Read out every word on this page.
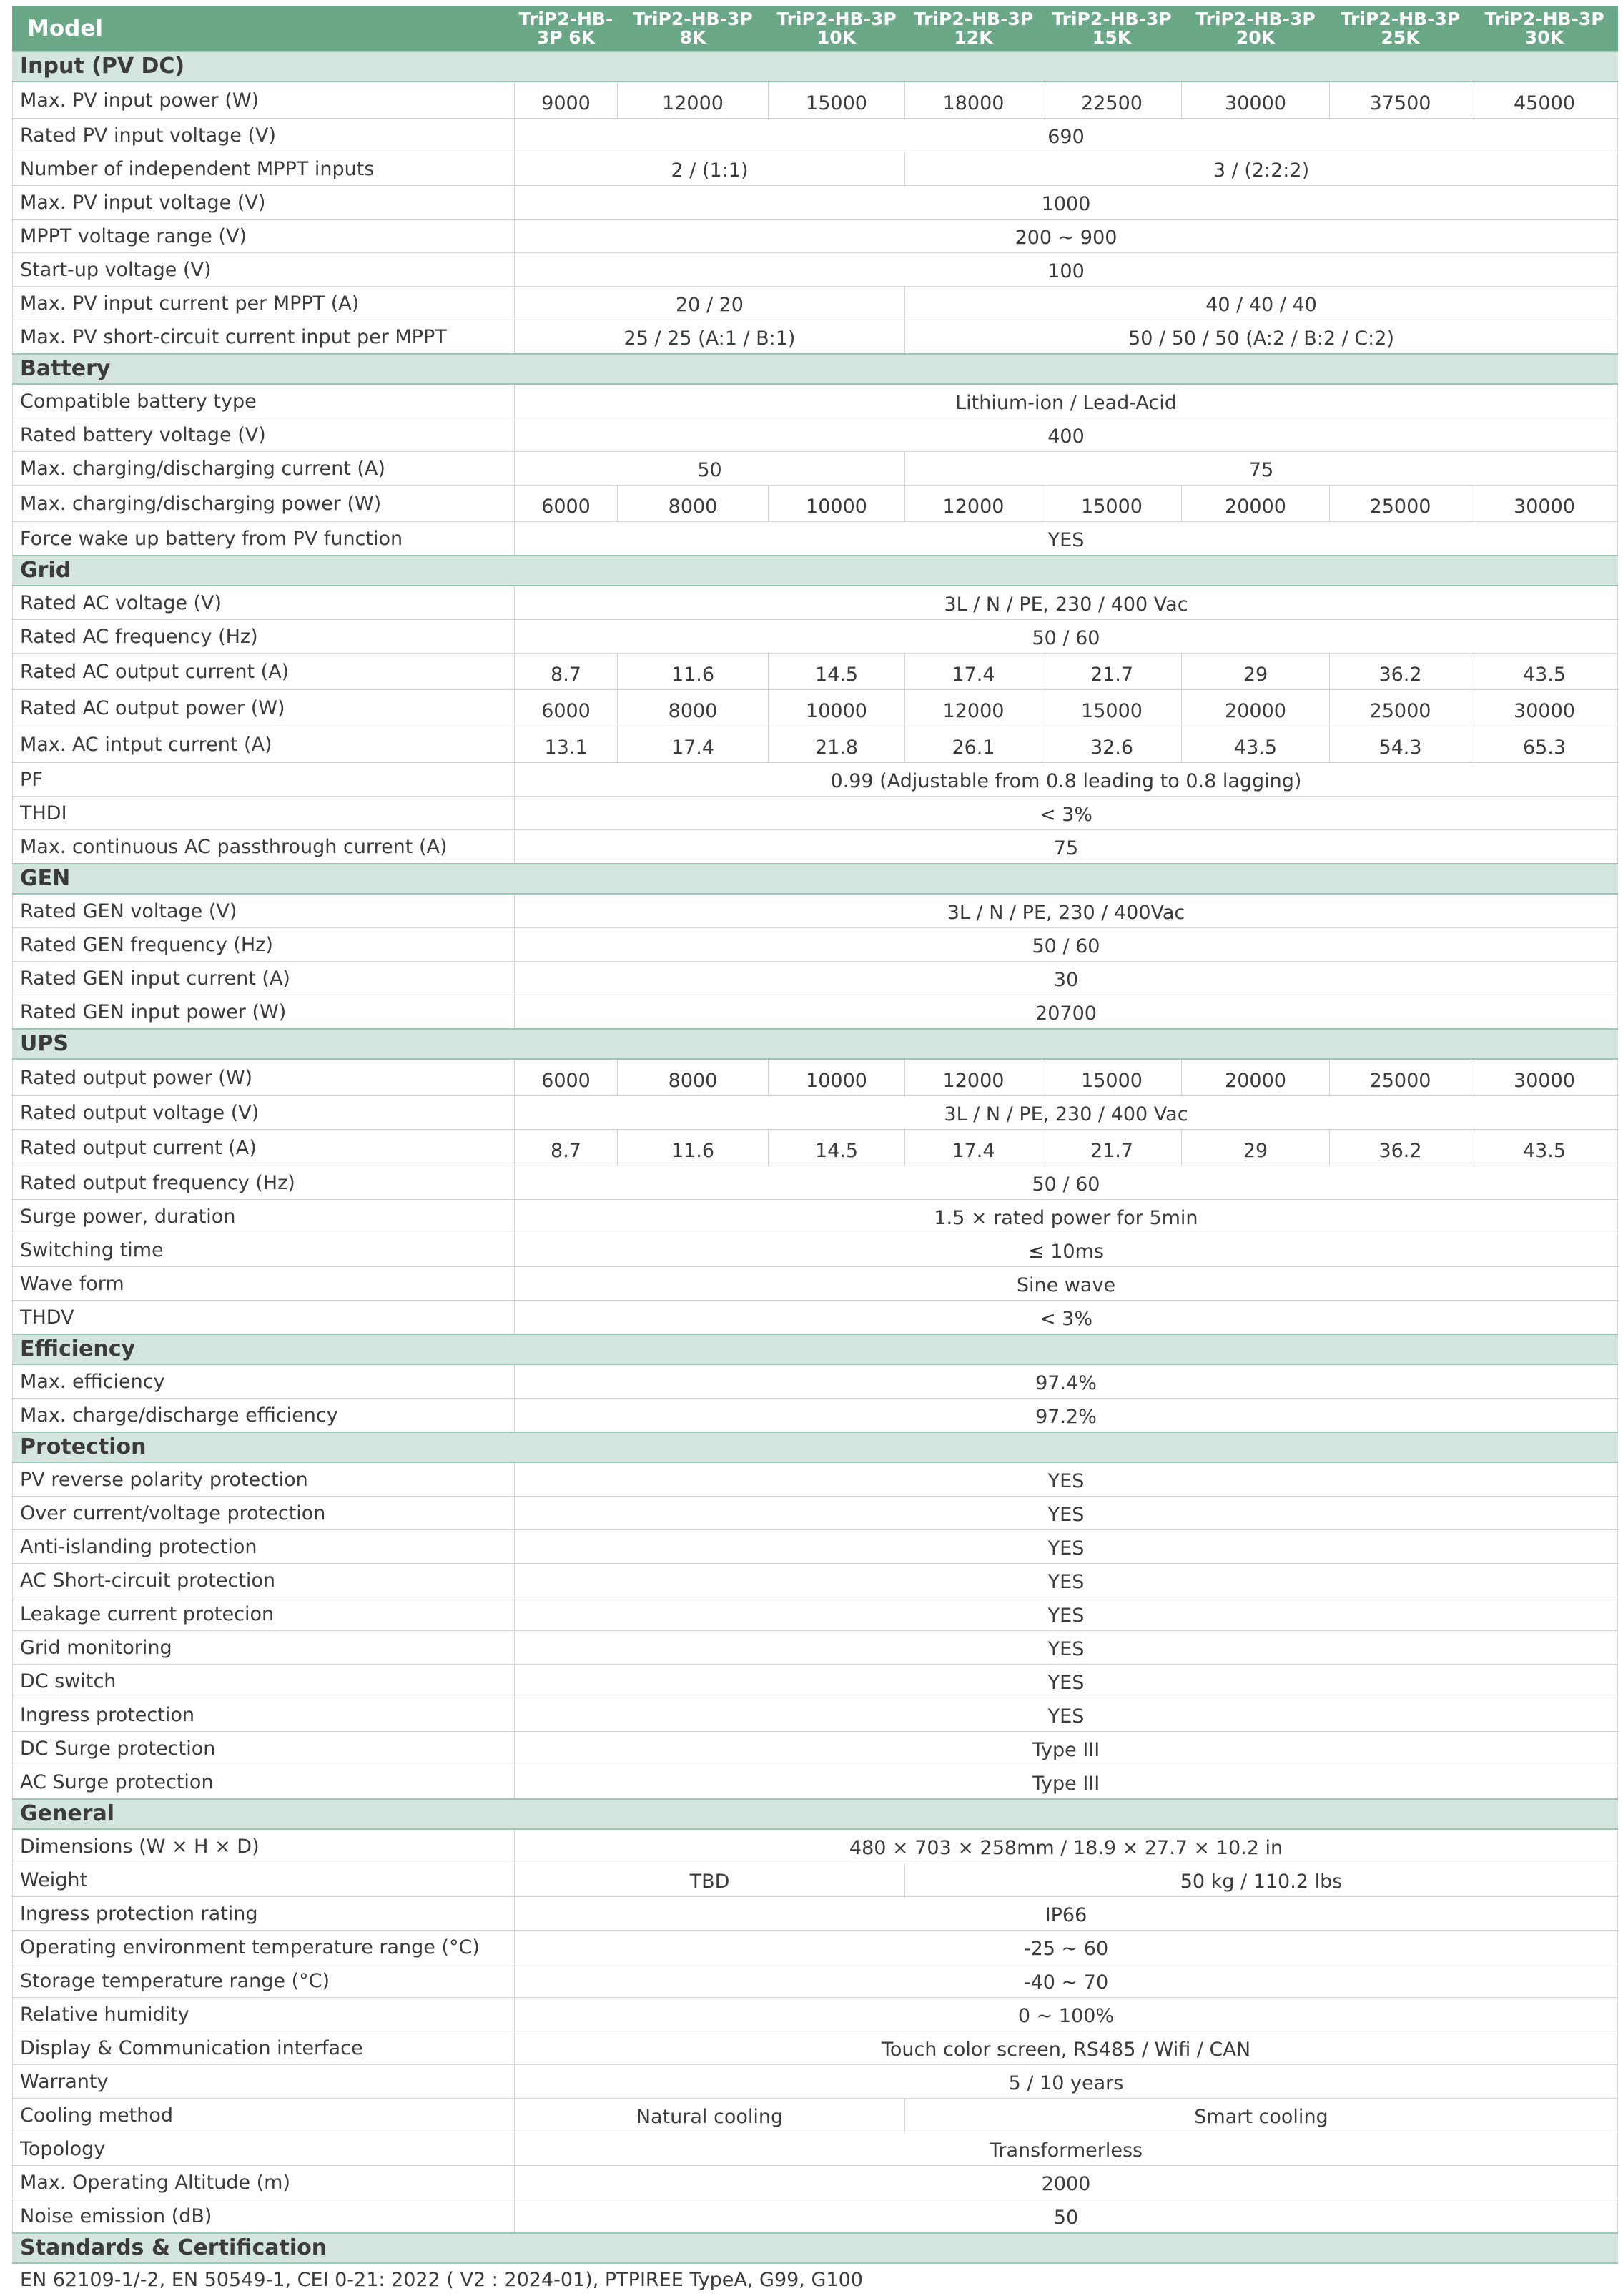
Model	TriP2-HB-3P 6K	TriP2-HB-3P 8K	TriP2-HB-3P 10K	TriP2-HB-3P 12K	TriP2-HB-3P 15K	TriP2-HB-3P 20K	TriP2-HB-3P 25K	TriP2-HB-3P 30K
Input (PV DC)								
Max. PV input power (W)	9000	12000	15000	18000	22500	30000	37500	45000
Rated PV input voltage (V)	690							
Number of independent MPPT inputs	2 / (1:1)			3 / (2:2:2)				
Max. PV input voltage (V)	1000							
MPPT voltage range (V)	200 ~ 900							
Start-up voltage (V)	100							
Max. PV input current per MPPT (A)	20 / 20			40 / 40 / 40				
Max. PV short-circuit current input per MPPT	25 / 25 (A:1 / B:1)			50 / 50 / 50 (A:2 / B:2 / C:2)				
Battery								
Compatible battery type	Lithium-ion / Lead-Acid							
Rated battery voltage (V)	400							
Max. charging/discharging current (A)	50			75				
Max. charging/discharging power (W)	6000	8000	10000	12000	15000	20000	25000	30000
Force wake up battery from PV function	YES							
Grid								
Rated AC voltage (V)	3L / N / PE, 230 / 400 Vac							
Rated AC frequency (Hz)	50 / 60							
Rated AC output current (A)	8.7	11.6	14.5	17.4	21.7	29	36.2	43.5
Rated AC output power (W)	6000	8000	10000	12000	15000	20000	25000	30000
Max. AC intput current (A)	13.1	17.4	21.8	26.1	32.6	43.5	54.3	65.3
PF	0.99 (Adjustable from 0.8 leading to 0.8 lagging)							
THDI	< 3%							
Max. continuous AC passthrough current (A)	75							
GEN								
Rated GEN voltage (V)	3L / N / PE, 230 / 400Vac							
Rated GEN frequency (Hz)	50 / 60							
Rated GEN input current (A)	30							
Rated GEN input power (W)	20700							
UPS								
Rated output power (W)	6000	8000	10000	12000	15000	20000	25000	30000
Rated output voltage (V)	3L / N / PE, 230 / 400 Vac							
Rated output current (A)	8.7	11.6	14.5	17.4	21.7	29	36.2	43.5
Rated output frequency (Hz)	50 / 60							
Surge power, duration	1.5 × rated power for 5min							
Switching time	≤ 10ms							
Wave form	Sine wave							
THDV	< 3%							
Efficiency								
Max. efficiency	97.4%							
Max. charge/discharge efficiency	97.2%							
Protection								
PV reverse polarity protection	YES							
Over current/voltage protection	YES							
Anti-islanding protection	YES							
AC Short-circuit protection	YES							
Leakage current protecion	YES							
Grid monitoring	YES							
DC switch	YES							
Ingress protection	YES							
DC Surge protection	Type III							
AC Surge protection	Type III							
General								
Dimensions (W × H × D)	480 × 703 × 258mm / 18.9 × 27.7 × 10.2 in							
Weight	TBD			50 kg / 110.2 lbs				
Ingress protection rating	IP66							
Operating environment temperature range (°C)	-25 ~ 60							
Storage temperature range (°C)	-40 ~ 70							
Relative humidity	0 ~ 100%							
Display & Communication interface	Touch color screen, RS485 / Wifi / CAN							
Warranty	5 / 10 years							
Cooling method	Natural cooling			Smart cooling				
Topology	Transformerless							
Max. Operating Altitude (m)	2000							
Noise emission (dB)	50							
Standards & Certification								
EN 62109-1/-2, EN 50549-1, CEI 0-21: 2022 ( V2 : 2024-01), PTPIREE TypeA, G99, G100								
